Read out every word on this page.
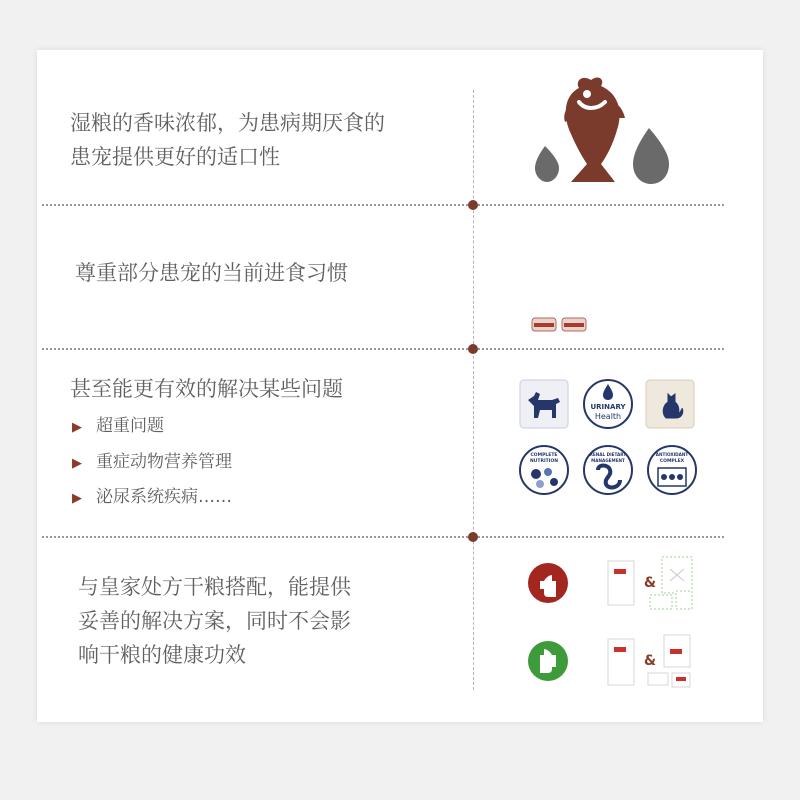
湿粮的香味浓郁，为患病期厌食的
患宠提供更好的适口性
尊重部分患宠的当前进食习惯
甚至能更有效的解决某些问题
▶ 超重问题
▶ 重症动物营养管理
▶ 泌尿系统疾病……
URINARY
Health
COMPLETE
NUTRITION
RENAL DIETARY
MANAGEMENT
ANTIOXIDANT
COMPLEX
与皇家处方干粮搭配，能提供
妥善的解决方案，同时不会影
响干粮的健康功效
&
&
